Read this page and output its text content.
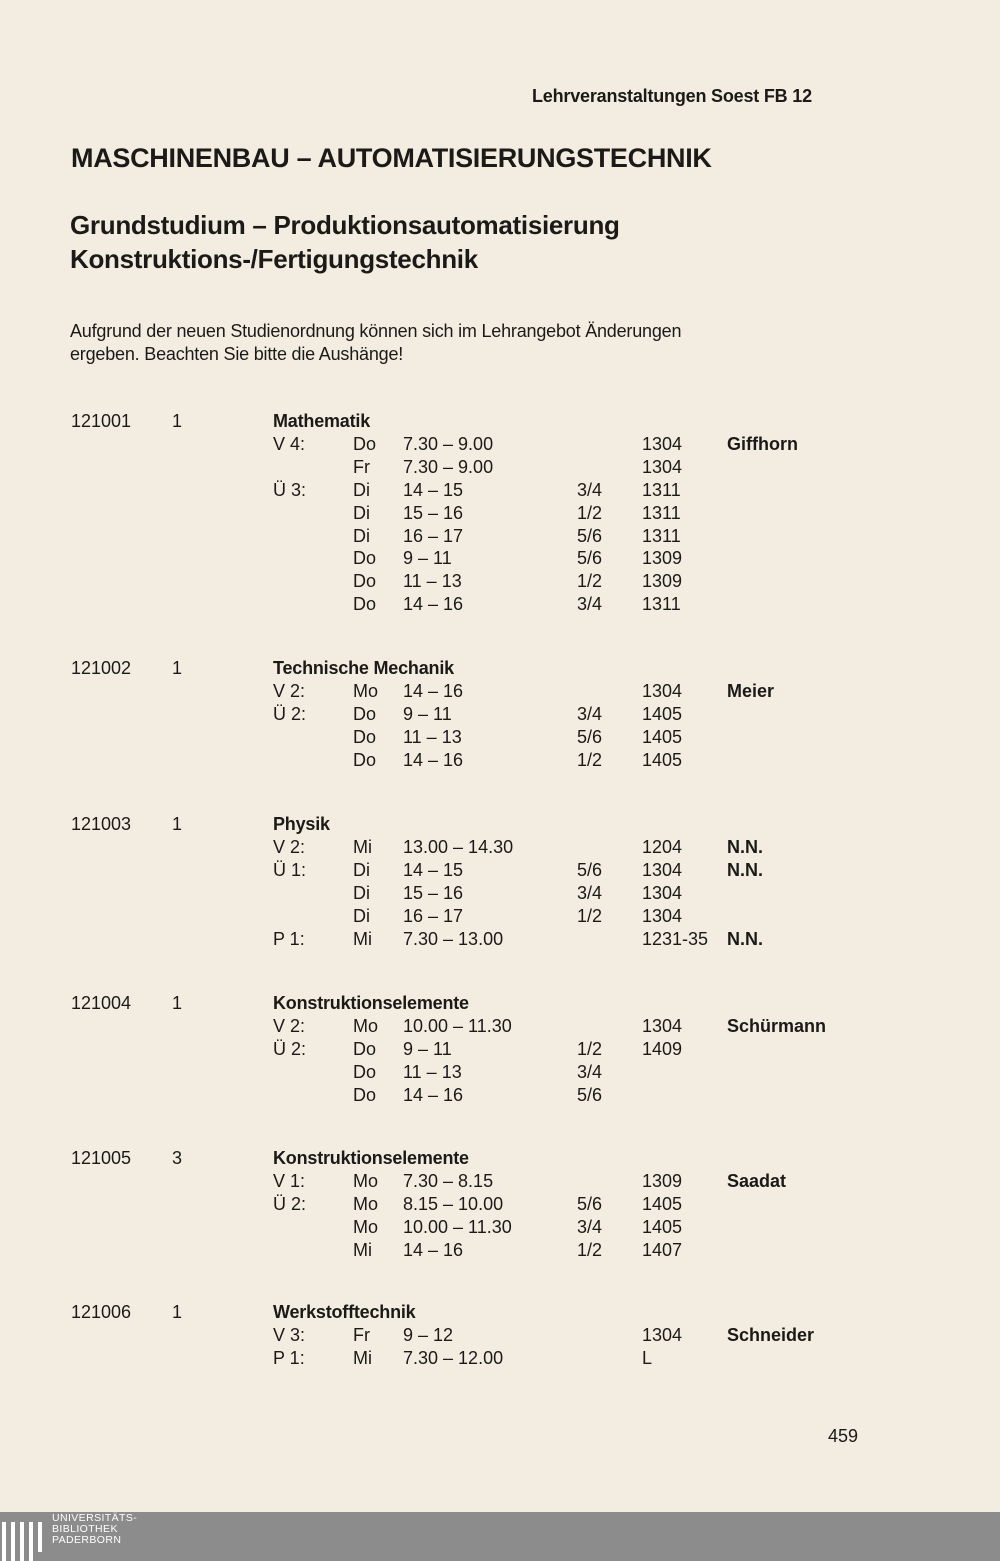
Lehrveranstaltungen Soest FB 12
MASCHINENBAU – AUTOMATISIERUNGSTECHNIK
Grundstudium – Produktionsautomatisierung
Konstruktions-/Fertigungstechnik
Aufgrund der neuen Studienordnung können sich im Lehrangebot Änderungen
ergeben. Beachten Sie bitte die Aushänge!
121001 1	Mathematik
V 4:	Do 7.30 – 9.00	1304 Giffhorn
Fr 7.30 – 9.00	1304
Ü 3:	Di 14 – 15	3/4 1311
Di 15 – 16	1/2 1311
Di 16 – 17	5/6 1311
Do 9 – 11	5/6 1309
Do 11 – 13	1/2 1309
Do 14 – 16	3/4 1311
121002 1	Technische Mechanik
V 2:	Mo 14 – 16	1304 Meier
Ü 2:	Do 9 – 11	3/4 1405
Do 11 – 13	5/6 1405
Do 14 – 16	1/2 1405
121003 1	Physik
V 2:	Mi 13.00 – 14.30	1204 N.N.
Ü 1:	Di 14 – 15	5/6 1304 N.N.
Di 15 – 16	3/4 1304
Di 16 – 17	1/2 1304
P 1:	Mi 7.30 – 13.00	1231-35 N.N.
121004 1	Konstruktionselemente
V 2:	Mo 10.00 – 11.30	1304 Schürmann
Ü 2:	Do 9 – 11	1/2 1409
Do 11 – 13	3/4
Do 14 – 16	5/6
121005 3	Konstruktionselemente
V 1:	Mo 7.30 – 8.15	1309 Saadat
Ü 2:	Mo 8.15 – 10.00	5/6 1405
Mo 10.00 – 11.30	3/4 1405
Mi 14 – 16	1/2 1407
121006 1	Werkstofftechnik
V 3:	Fr 9 – 12	1304 Schneider
P 1:	Mi 7.30 – 12.00	L
459
UNIVERSITÄTS-
BIBLIOTHEK
PADERBORN
